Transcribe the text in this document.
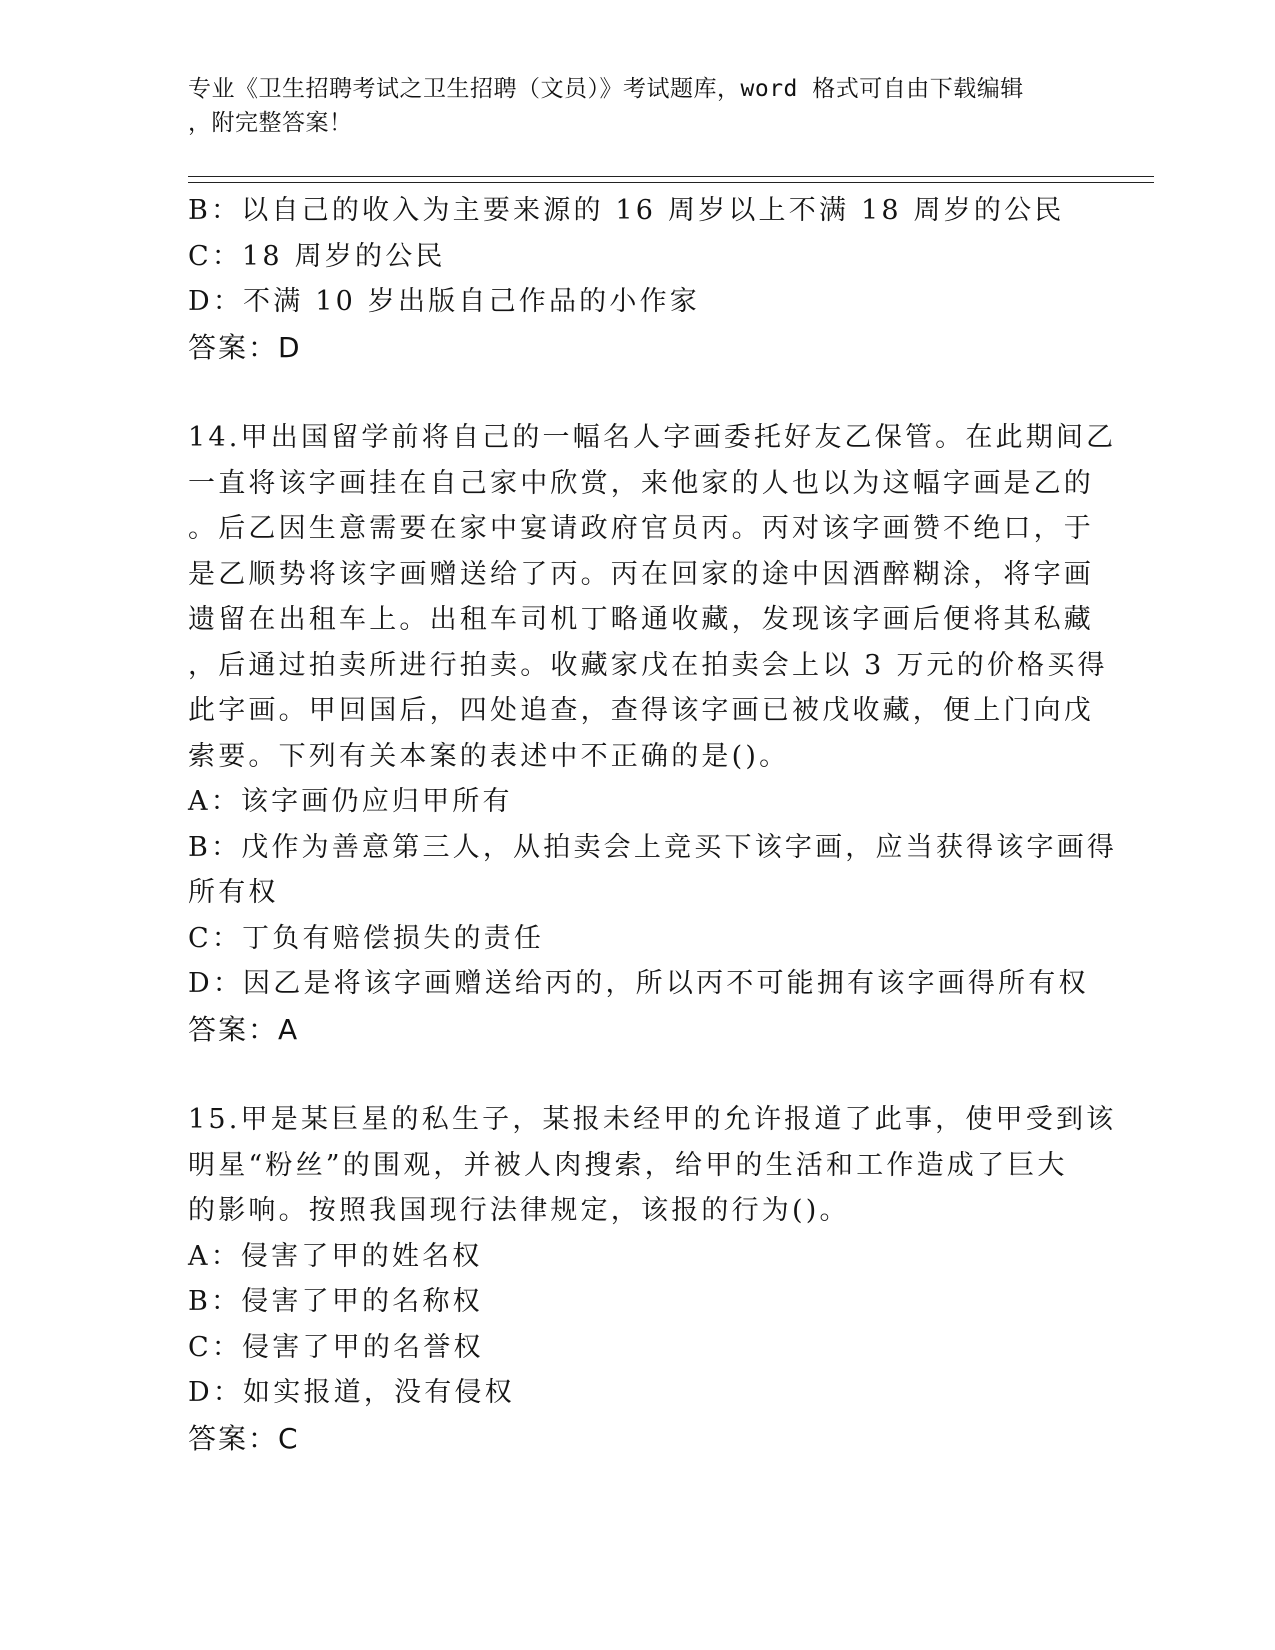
专业《卫生招聘考试之卫生招聘（文员）》考试题库，word 格式可自由下载编辑
，附完整答案！
B：以自己的收入为主要来源的 16 周岁以上不满 18 周岁的公民
C：18 周岁的公民
D：不满 10 岁出版自己作品的小作家
答案：D
14.甲出国留学前将自己的一幅名人字画委托好友乙保管。在此期间乙
一直将该字画挂在自己家中欣赏，来他家的人也以为这幅字画是乙的
。后乙因生意需要在家中宴请政府官员丙。丙对该字画赞不绝口，于
是乙顺势将该字画赠送给了丙。丙在回家的途中因酒醉糊涂，将字画
遗留在出租车上。出租车司机丁略通收藏，发现该字画后便将其私藏
，后通过拍卖所进行拍卖。收藏家戊在拍卖会上以 3 万元的价格买得
此字画。甲回国后，四处追查，查得该字画已被戊收藏，便上门向戊
索要。下列有关本案的表述中不正确的是()。
A：该字画仍应归甲所有
B：戊作为善意第三人，从拍卖会上竞买下该字画，应当获得该字画得
所有权
C：丁负有赔偿损失的责任
D：因乙是将该字画赠送给丙的，所以丙不可能拥有该字画得所有权
答案：A
15.甲是某巨星的私生子，某报未经甲的允许报道了此事，使甲受到该
明星“粉丝”的围观，并被人肉搜索，给甲的生活和工作造成了巨大
的影响。按照我国现行法律规定，该报的行为()。
A：侵害了甲的姓名权
B：侵害了甲的名称权
C：侵害了甲的名誉权
D：如实报道，没有侵权
答案：C
